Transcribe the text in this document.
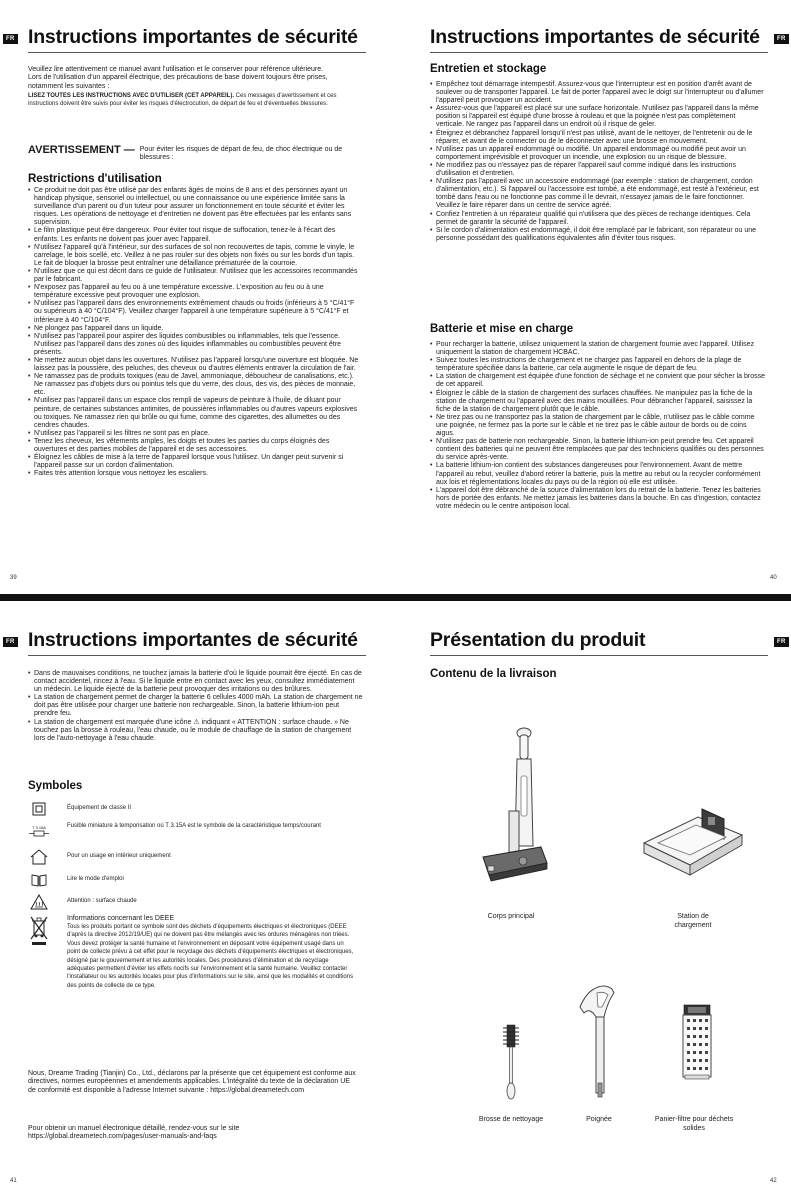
FR Instructions importantes de sécurité

Veuillez lire attentivement ce manuel avant l'utilisation et le conserver pour référence ultérieure.

Lors de l'utilisation d'un appareil électrique, des précautions de base doivent toujours être prises, notamment les suivantes :

LISEZ TOUTES LES INSTRUCTIONS AVEC D'UTILISER (CET APPAREIL). Ces messages d'avertissement et ces instructions doivent être suivis pour éviter les risques d'électrocution, de départ de feu et d'éventuelles blessures.

AVERTISSEMENT — Pour éviter les risques de départ de feu, de choc électrique ou de blessures :
Restrictions d'utilisation
• Ce produit ne doit pas être utilisé par des enfants âgés de moins de 8 ans et des personnes ayant un handicap physique, sensoriel ou intellectuel, ou une connaissance ou une expérience limitée sans la surveillance d'un parent ou d'un tuteur pour assurer un fonctionnement en toute sécurité et éviter les risques. Les opérations de nettoyage et d'entretien ne doivent pas être effectuées par les enfants sans supervision.
• Le film plastique peut être dangereux. Pour éviter tout risque de suffocation, tenez-le à l'écart des enfants. Les enfants ne doivent pas jouer avec l'appareil.
• N'utilisez l'appareil qu'à l'intérieur, sur des surfaces de sol non recouvertes de tapis, comme le vinyle, le carrelage, le bois scellé, etc. Veillez à ne pas rouler sur des objets non fixés ou sur les bords d'un tapis. Le fait de bloquer la brosse peut entraîner une défaillance prématurée de la courroie.
• N'utilisez que ce qui est décrit dans ce guide de l'utilisateur. N'utilisez que les accessoires recommandés par le fabricant.
• N'exposez pas l'appareil au feu ou à une température excessive. L'exposition au feu ou à une température excessive peut provoquer une explosion.
• N'utilisez pas l'appareil dans des environnements extrêmement chauds ou froids (inférieurs à 5 °C/41°F ou supérieurs à 40 °C/104°F). Veuillez charger l'appareil à une température supérieure à 5 °C/41°F et inférieure à 40 °C/104°F.
• Ne plongez pas l'appareil dans un liquide.
• N'utilisez pas l'appareil pour aspirer des liquides combustibles ou inflammables, tels que l'essence. N'utilisez pas l'appareil dans des zones où des liquides inflammables ou combustibles peuvent être présents.
• Ne mettez aucun objet dans les ouvertures. N'utilisez pas l'appareil lorsqu'une ouverture est bloquée. Ne laissez pas la poussière, des peluches, des cheveux ou d'autres éléments entraver la circulation de l'air.
• Ne ramassez pas de produits toxiques (eau de Javel, ammoniaque, déboucheur de canalisations, etc.). Ne ramassez pas d'objets durs ou pointus tels que du verre, des clous, des vis, des pièces de monnaie, etc.
• N'utilisez pas l'appareil dans un espace clos rempli de vapeurs de peinture à l'huile, de diluant pour peinture, de certaines substances antimites, de poussières inflammables ou d'autres vapeurs explosives ou toxiques. Ne ramassez rien qui brûle ou qui fume, comme des cigarettes, des allumettes ou des cendres chaudes.
• N'utilisez pas l'appareil si les filtres ne sont pas en place.
• Tenez les cheveux, les vêtements amples, les doigts et toutes les parties du corps éloignés des ouvertures et des parties mobiles de l'appareil et de ses accessoires.
• Éloignez les câbles de mise à la terre de l'appareil lorsque vous l'utilisez. Un danger peut survenir si l'appareil passe sur un cordon d'alimentation.
• Faites très attention lorsque vous nettoyez les escaliers.
39
Instructions importantes de sécurité	FR
Entretien et stockage
• Empêchez tout démarrage intempestif. Assurez-vous que l'interrupteur est en position d'arrêt avant de soulever ou de transporter l'appareil. Le fait de porter l'appareil avec le doigt sur l'interrupteur ou d'allumer l'appareil peut provoquer un accident.
• Assurez-vous que l'appareil est placé sur une surface horizontale. N'utilisez pas l'appareil dans la même position si l'appareil est équipé d'une brosse à rouleau et que la poignée n'est pas complètement verticale. Ne rangez pas l'appareil dans un endroit où il risque de geler.
• Éteignez et débranchez l'appareil lorsqu'il n'est pas utilisé, avant de le nettoyer, de l'entretenir ou de le réparer, et avant de le connecter ou de le déconnecter avec une brosse en mouvement.
• N'utilisez pas un appareil endommagé ou modifié. Un appareil endommagé ou modifié peut avoir un comportement imprévisible et provoquer un incendie, une explosion ou un risque de blessure.
• Ne modifiez pas ou n'essayez pas de réparer l'appareil sauf comme indiqué dans les instructions d'utilisation et d'entretien.
• N'utilisez pas l'appareil avec un accessoire endommagé (par exemple : station de chargement, cordon d'alimentation, etc.). Si l'appareil ou l'accessoire est tombé, a été endommagé, est resté à l'extérieur, est tombé dans l'eau ou ne fonctionne pas comme il le devrait, n'essayez jamais de le faire fonctionner. Veuillez le faire réparer dans un centre de service agréé.
• Confiez l'entretien à un réparateur qualifié qui n'utilisera que des pièces de rechange identiques. Cela permet de garantir la sécurité de l'appareil.
• Si le cordon d'alimentation est endommagé, il doit être remplacé par le fabricant, son réparateur ou une personne possédant des qualifications équivalentes afin d'éviter tous risques.
Batterie et mise en charge
• Pour recharger la batterie, utilisez uniquement la station de chargement fournie avec l'appareil. Utilisez uniquement la station de chargement HCBAC.
• Suivez toutes les instructions de chargement et ne chargez pas l'appareil en dehors de la plage de température spécifiée dans la batterie, car cela augmente le risque de départ de feu.
• La station de chargement est équipée d'une fonction de séchage et ne convient que pour sécher la brosse de cet appareil.
• Éloignez le câble de la station de chargement des surfaces chauffées. Ne manipulez pas la fiche de la station de chargement ou l'appareil avec des mains mouillées. Pour débrancher l'appareil, saisissez la fiche de la station de chargement plutôt que le câble.
• Ne tirez pas ou ne transportez pas la station de chargement par le câble, n'utilisez pas le câble comme une poignée, ne fermez pas la porte sur le câble et ne tirez pas le câble autour de bords ou de coins aigus.
• N'utilisez pas de batterie non rechargeable. Sinon, la batterie lithium-ion peut prendre feu. Cet appareil contient des batteries qui ne peuvent être remplacées que par des techniciens qualifiés ou des personnes du service après-vente.
• La batterie lithium-ion contient des substances dangereuses pour l'environnement. Avant de mettre l'appareil au rebut, veuillez d'abord retirer la batterie, puis la mettre au rebut ou la recycler conformément aux lois et réglementations locales du pays ou de la région où elle est utilisée.
• L'appareil doit être débranché de la source d'alimentation lors du retrait de la batterie. Tenez les batteries hors de portée des enfants. Ne mettez jamais les batteries dans la bouche. En cas d'ingestion, contactez votre médecin ou le centre antipoison local.
40
FR Instructions importantes de sécurité
• Dans de mauvaises conditions, ne touchez jamais la batterie d'où le liquide pourrait être éjecté. En cas de contact accidentel, rincez à l'eau. Si le liquide entre en contact avec les yeux, consultez immédiatement un médecin. Le liquide éjecté de la batterie peut provoquer des irritations ou des brûlures.
• La station de chargement permet de charger la batterie 6 cellules 4000 mAh. La station de chargement ne doit pas être utilisée pour charger une batterie non rechargeable. Sinon, la batterie lithium-ion peut prendre feu.
• La station de chargement est marquée d'une icône ⚠ indiquant « ATTENTION : surface chaude. » Ne touchez pas la brosse à rouleau, l'eau chaude, ou le module de chauffage de la station de chargement lors de l'auto-nettoyage à l'eau chaude.
Symboles
Équipement de classe II
T 3.15A	Fusible miniature à temporisation où T 3.15A est le symbole de la caractéristique temps/courant
Pour un usage en intérieur uniquement
Lire le mode d'emploi
Attention : surface chaude
Informations concernant les DEEE
Tous les produits portant ce symbole sont des déchets d'équipements électriques et électroniques (DEEE d'après la directive 2012/19/UE) qui ne doivent pas être mélangés avec les ordures ménagères non triées. Vous devez protéger la santé humaine et l'environnement en déposant votre équipement usagé dans un point de collecte prévu à cet effet pour le recyclage des déchets d'équipements électriques et électroniques, désigné par le gouvernement et les autorités locales. Des procédures d'élimination et de recyclage adéquates permettent d'éviter les effets nocifs sur l'environnement et la santé humaine. Veuillez contacter l'installateur ou les autorités locales pour plus d'informations sur le site, ainsi que les modalités et conditions des points de collecte de ce type.
Nous, Dreame Trading (Tianjin) Co., Ltd., déclarons par la présente que cet équipement est conforme aux directives, normes européennes et amendements applicables. L'intégralité du texte de la déclaration UE de conformité est disponible à l'adresse Internet suivante : https://global.dreametech.com
Pour obtenir un manuel électronique détaillé, rendez-vous sur le site https://global.dreametech.com/pages/user-manuals-and-faqs
41
Présentation du produit	FR
Contenu de la livraison
Corps principal	Station de chargement
Brosse de nettoyage	Poignée	Panier-filtre pour déchets solides
42
